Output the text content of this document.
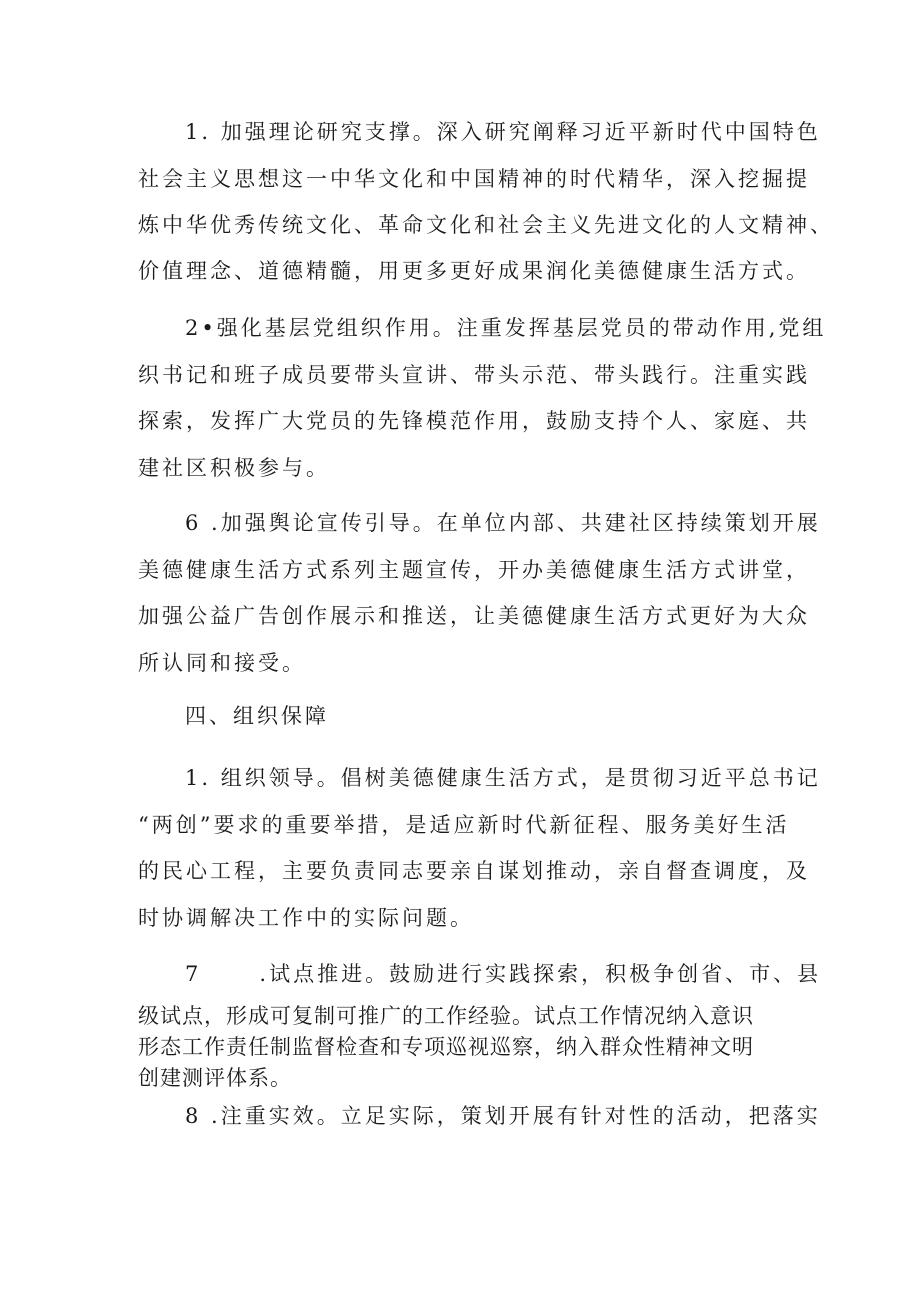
1. 加强理论研究支撑。深入研究阐释习近平新时代中国特色
社会主义思想这一中华文化和中国精神的时代精华，深入挖掘提
炼中华优秀传统文化、革命文化和社会主义先进文化的人文精神、
价值理念、道德精髓，用更多更好成果润化美德健康生活方式。
2•强化基层党组织作用。注重发挥基层党员的带动作用,党组
织书记和班子成员要带头宣讲、带头示范、带头践行。注重实践
探索，发挥广大党员的先锋模范作用，鼓励支持个人、家庭、共
建社区积极参与。
6 .加强舆论宣传引导。在单位内部、共建社区持续策划开展
美德健康生活方式系列主题宣传，开办美德健康生活方式讲堂，
加强公益广告创作展示和推送，让美德健康生活方式更好为大众
所认同和接受。
四、组织保障
1. 组织领导。倡树美德健康生活方式，是贯彻习近平总书记
“两创”要求的重要举措，是适应新时代新征程、服务美好生活
的民心工程，主要负责同志要亲自谋划推动，亲自督查调度，及
时协调解决工作中的实际问题。
7      .试点推进。鼓励进行实践探索，积极争创省、市、县
级试点，形成可复制可推广的工作经验。试点工作情况纳入意识
形态工作责任制监督检查和专项巡视巡察，纳入群众性精神文明
创建测评体系。
8 .注重实效。立足实际，策划开展有针对性的活动，把落实
